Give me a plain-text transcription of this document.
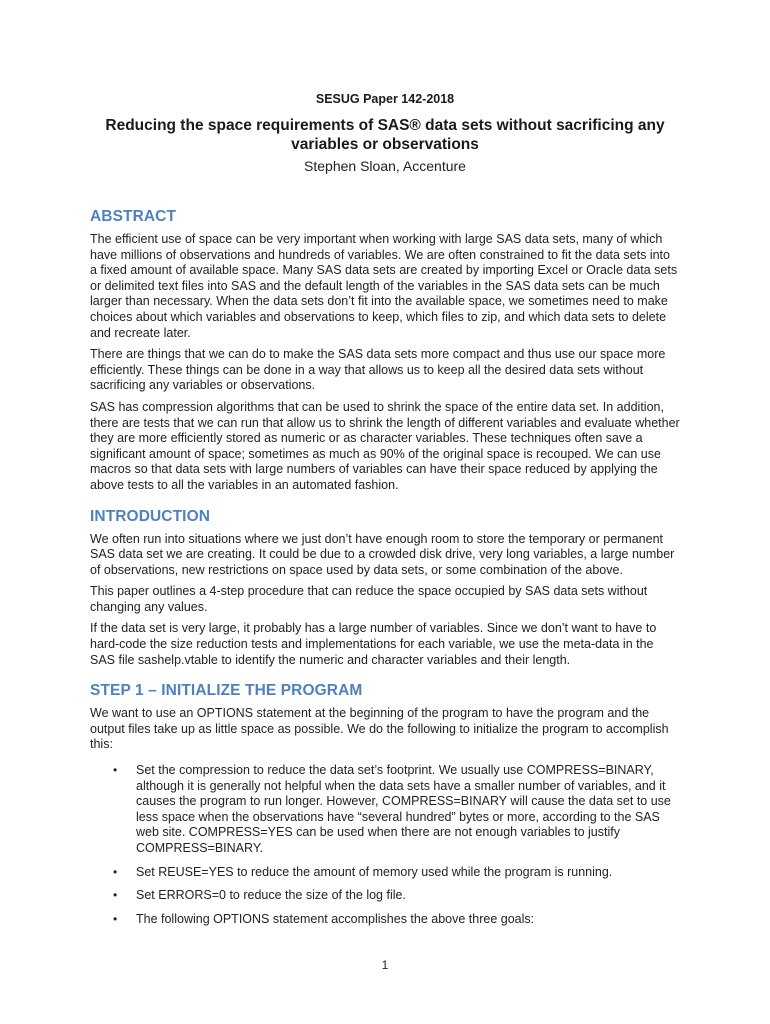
SESUG Paper 142-2018
Reducing the space requirements of SAS® data sets without sacrificing any variables or observations
Stephen Sloan, Accenture
ABSTRACT

The efficient use of space can be very important when working with large SAS data sets, many of which have millions of observations and hundreds of variables. We are often constrained to fit the data sets into a fixed amount of available space. Many SAS data sets are created by importing Excel or Oracle data sets or delimited text files into SAS and the default length of the variables in the SAS data sets can be much larger than necessary. When the data sets don’t fit into the available space, we sometimes need to make choices about which variables and observations to keep, which files to zip, and which data sets to delete and recreate later.

There are things that we can do to make the SAS data sets more compact and thus use our space more efficiently. These things can be done in a way that allows us to keep all the desired data sets without sacrificing any variables or observations.

SAS has compression algorithms that can be used to shrink the space of the entire data set. In addition, there are tests that we can run that allow us to shrink the length of different variables and evaluate whether they are more efficiently stored as numeric or as character variables. These techniques often save a significant amount of space; sometimes as much as 90% of the original space is recouped. We can use macros so that data sets with large numbers of variables can have their space reduced by applying the above tests to all the variables in an automated fashion.

INTRODUCTION

We often run into situations where we just don’t have enough room to store the temporary or permanent SAS data set we are creating. It could be due to a crowded disk drive, very long variables, a large number of observations, new restrictions on space used by data sets, or some combination of the above.

This paper outlines a 4-step procedure that can reduce the space occupied by SAS data sets without changing any values.

If the data set is very large, it probably has a large number of variables. Since we don’t want to have to hard-code the size reduction tests and implementations for each variable, we use the meta-data in the SAS file sashelp.vtable to identify the numeric and character variables and their length.

STEP 1 – INITIALIZE THE PROGRAM

We want to use an OPTIONS statement at the beginning of the program to have the program and the output files take up as little space as possible. We do the following to initialize the program to accomplish this:

• Set the compression to reduce the data set’s footprint. We usually use COMPRESS=BINARY, although it is generally not helpful when the data sets have a smaller number of variables, and it causes the program to run longer. However, COMPRESS=BINARY will cause the data set to use less space when the observations have “several hundred” bytes or more, according to the SAS web site. COMPRESS=YES can be used when there are not enough variables to justify COMPRESS=BINARY.
• Set REUSE=YES to reduce the amount of memory used while the program is running.
• Set ERRORS=0 to reduce the size of the log file.
• The following OPTIONS statement accomplishes the above three goals:
1
